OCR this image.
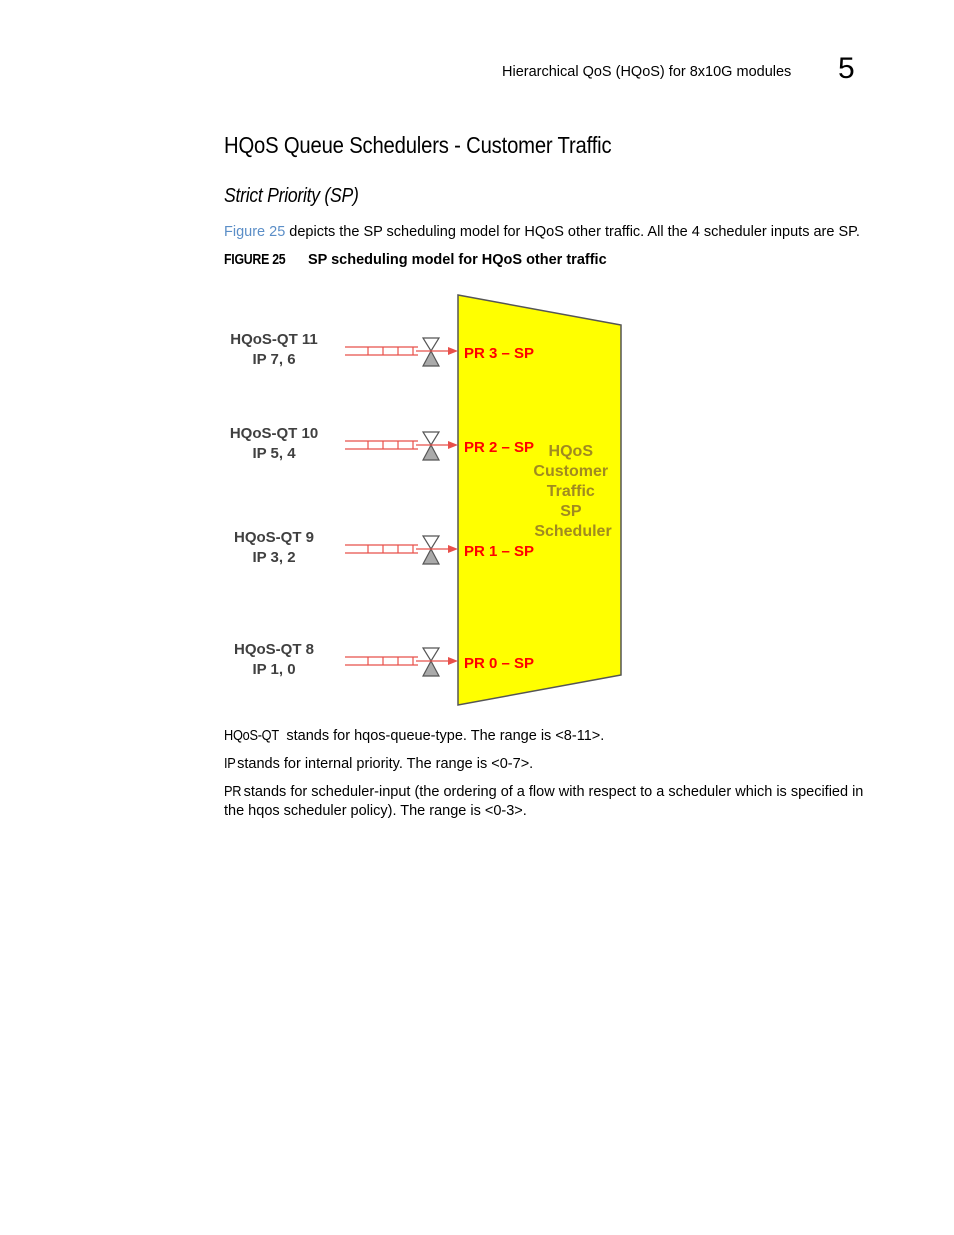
Hierarchical QoS (HQoS) for 8x10G modules 5
HQoS Queue Schedulers - Customer Traffic
Strict Priority (SP)
Figure 25 depicts the SP scheduling model for HQoS other traffic. All the 4 scheduler inputs are SP.
FIGURE 25 SP scheduling model for HQoS other traffic
HQoS Customer Traffic SP Scheduler
HQoS-QT 11
IP 7, 6	PR 3 – SP
HQoS-QT 10
IP 5, 4	PR 2 – SP
HQoS-QT 9
IP 3, 2	PR 1 – SP
HQoS-QT 8
IP 1, 0	PR 0 – SP
HQoS-QT stands for hqos-queue-type. The range is <8-11>.
IP stands for internal priority. The range is <0-7>.
PR stands for scheduler-input (the ordering of a flow with respect to a scheduler which is specified in the hqos scheduler policy). The range is <0-3>.
